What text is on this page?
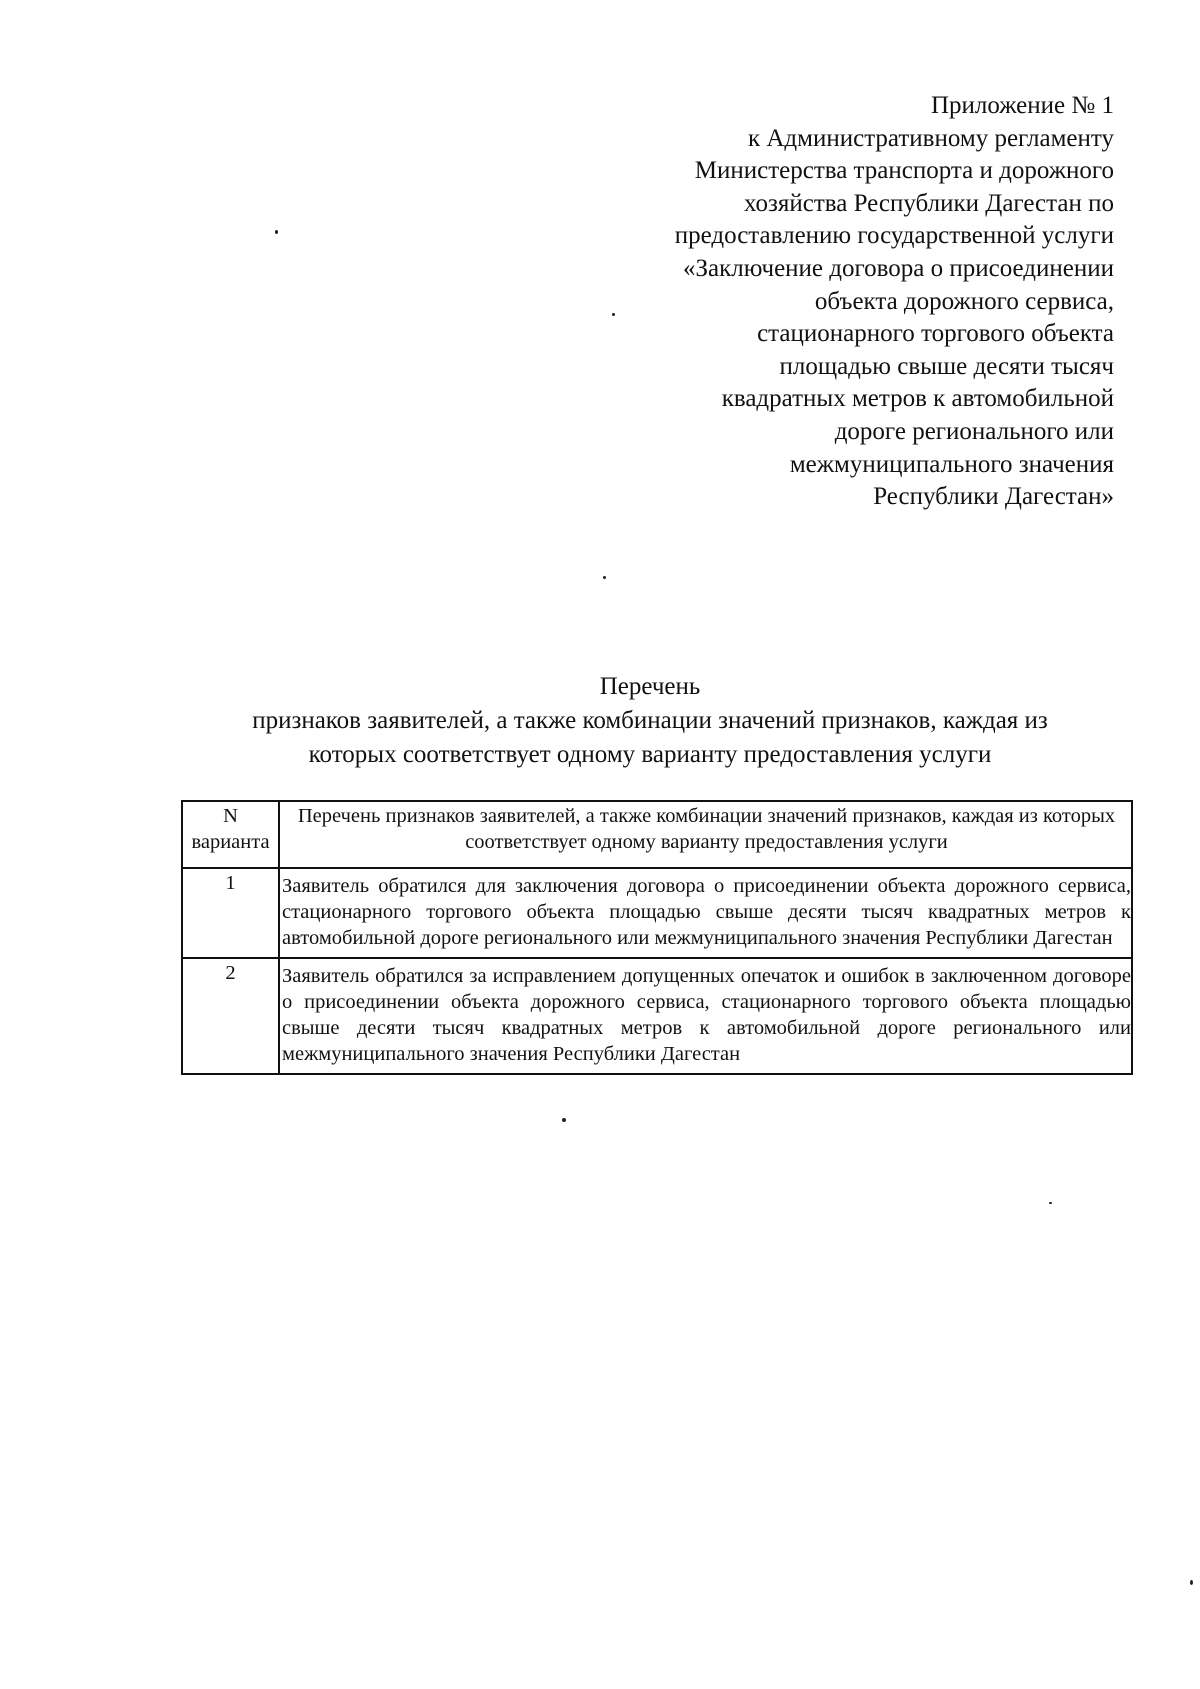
Приложение № 1
к Административному регламенту
Министерства транспорта и дорожного
хозяйства Республики Дагестан по
предоставлению государственной услуги
«Заключение договора о присоединении
объекта дорожного сервиса,
стационарного торгового объекта
площадью свыше десяти тысяч
квадратных метров к автомобильной
дороге регионального или
межмуниципального значения
Республики Дагестан»
Перечень
признаков заявителей, а также комбинации значений признаков, каждая из
которых соответствует одному варианту предоставления услуги
N варианта	Перечень признаков заявителей, а также комбинации значений признаков, каждая из которых соответствует одному варианту предоставления услуги
1	Заявитель обратился для заключения договора о присоединении объекта дорожного сервиса, стационарного торгового объекта площадью свыше десяти тысяч квадратных метров к автомобильной дороге регионального или межмуниципального значения Республики Дагестан
2	Заявитель обратился за исправлением допущенных опечаток и ошибок в заключенном договоре о присоединении объекта дорожного сервиса, стационарного торгового объекта площадью свыше десяти тысяч квадратных метров к автомобильной дороге регионального или межмуниципального значения Республики Дагестан
